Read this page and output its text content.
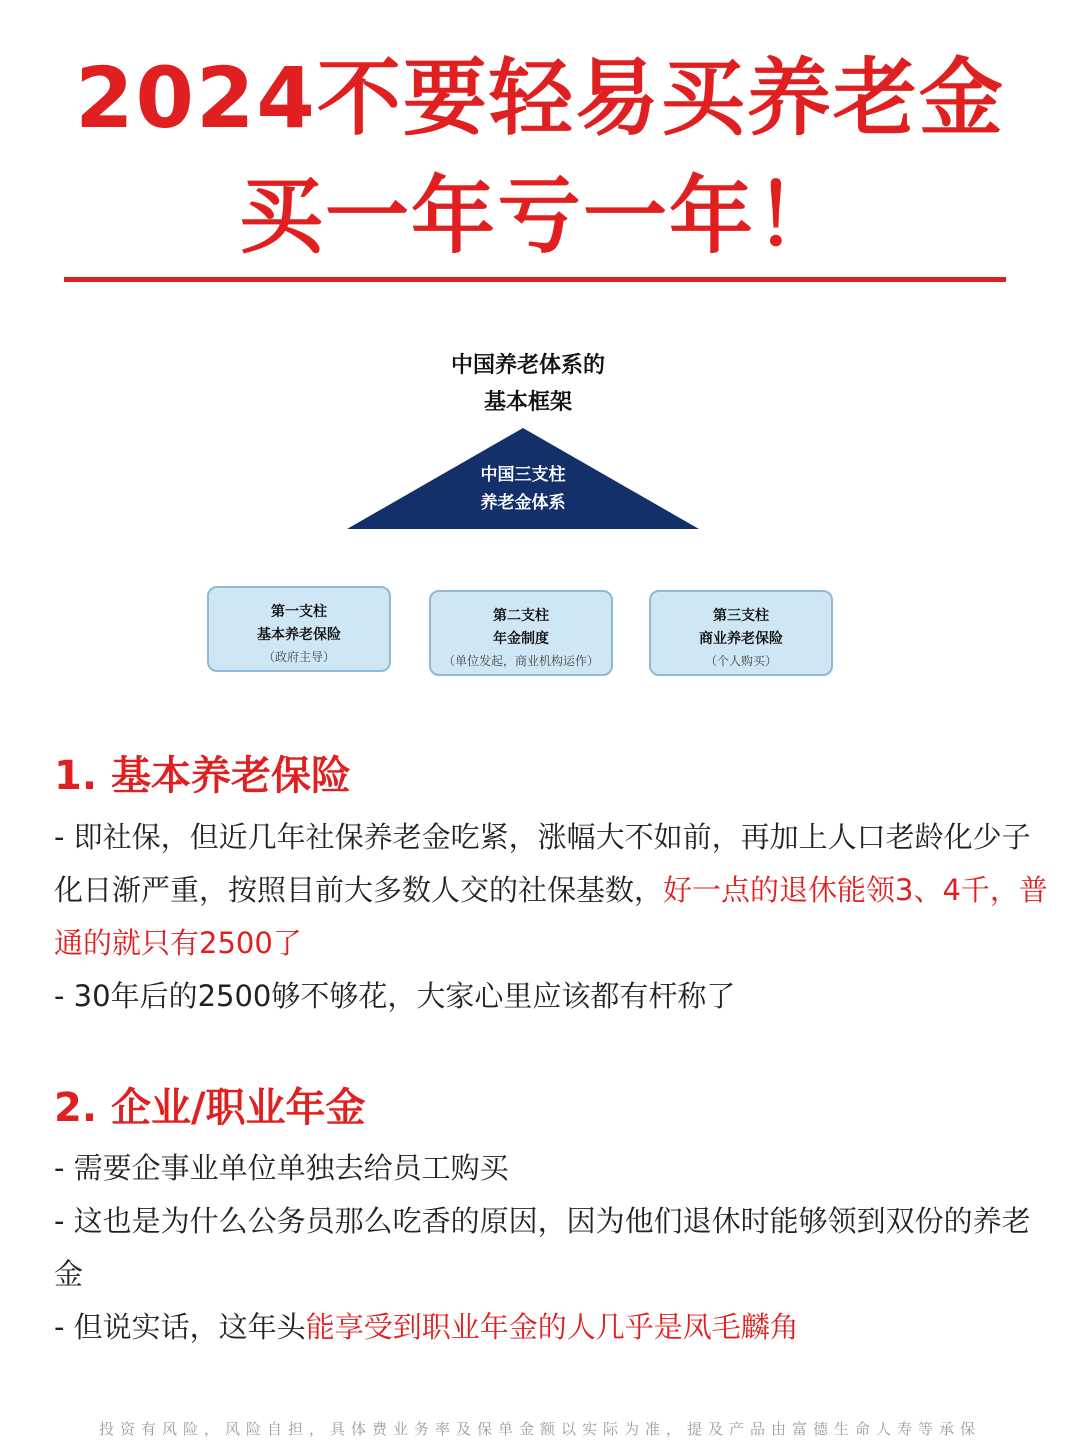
2024不要轻易买养老金
买一年亏一年！
中国养老体系的
基本框架
中国三支柱
养老金体系
第一支柱
基本养老保险
（政府主导）
第二支柱
年金制度
（单位发起，商业机构运作）
第三支柱
商业养老保险
（个人购买）
1. 基本养老保险
- 即社保，但近几年社保养老金吃紧，涨幅大不如前，再加上人口老龄化少子化日渐严重，按照目前大多数人交的社保基数，好一点的退休能领3、4千，普通的就只有2500了
- 30年后的2500够不够花，大家心里应该都有杆称了
2. 企业/职业年金
- 需要企事业单位单独去给员工购买
- 这也是为什么公务员那么吃香的原因，因为他们退休时能够领到双份的养老金
- 但说实话，这年头能享受到职业年金的人几乎是凤毛麟角
投资有风险，风险自担，具体费业务率及保单金额以实际为准，提及产品由富德生命人寿等承保
